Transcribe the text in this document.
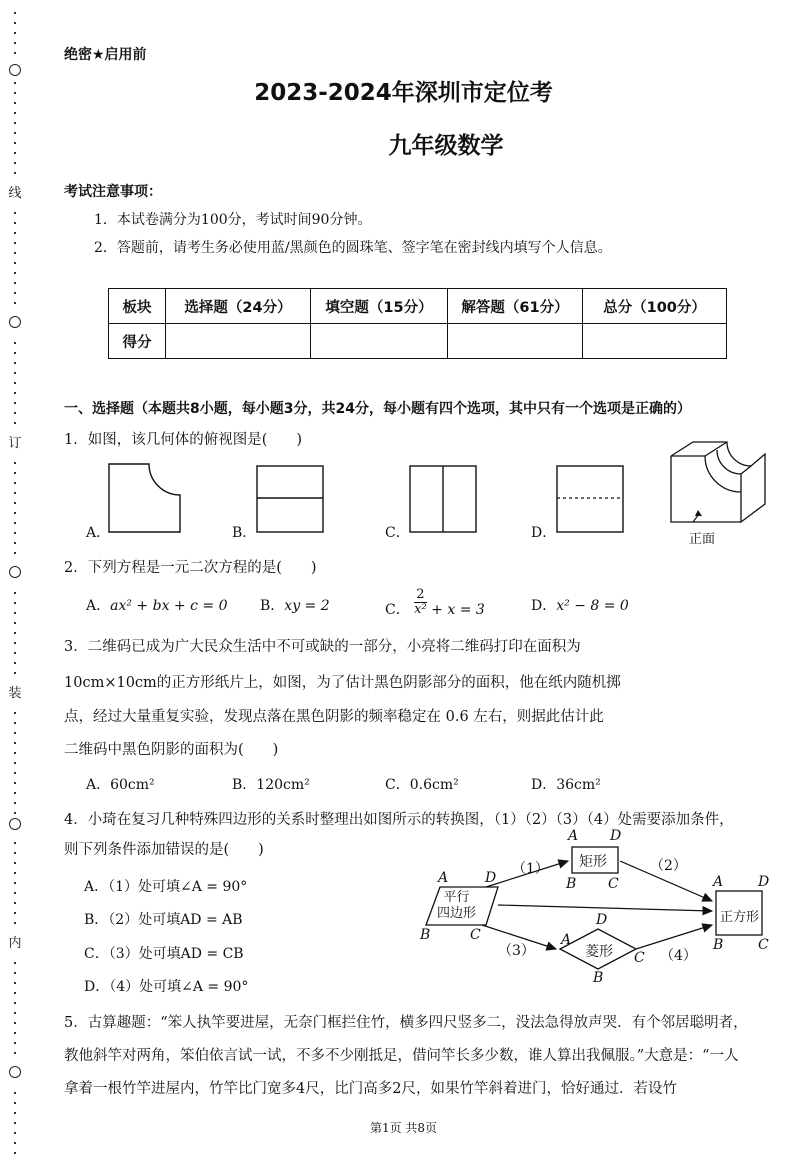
线
订
装
内
绝密★启用前
2023-2024年深圳市定位考
九年级数学
考试注意事项：
1．本试卷满分为100分，考试时间90分钟。
2．答题前，请考生务必使用蓝/黑颜色的圆珠笔、签字笔在密封线内填写个人信息。
板块	选择题（24分）	填空题（15分）	解答题（61分）	总分（100分）
得分				
一、选择题（本题共8小题，每小题3分，共24分，每小题有四个选项，其中只有一个选项是正确的）
1．如图，该几何体的俯视图是(　　)
A．	B．	C．	D．	正面
2．下列方程是一元二次方程的是(　　)
A．ax² + bx + c = 0 B．xy = 2	C． $\frac{2}{\text{x²}} + x = 3$	D．x² − 8 = 0
3．二维码已成为广大民众生活中不可或缺的一部分，小亮将二维码打印在面积为
10cm×10cm的正方形纸片上，如图，为了估计黑色阴影部分的面积，他在纸内随机掷
点，经过大量重复实验，发现点落在黑色阴影的频率稳定在 0.6 左右，则据此估计此
二维码中黑色阴影的面积为(　　)
A．60cm²	B．120cm²	C．0.6cm²	D．36cm²
4．小琦在复习几种特殊四边形的关系时整理出如图所示的转换图，（1）（2）（3）（4）处需要添加条件，
则下列条件添加错误的是(　　)
A．（1）处可填∠A = 90°
B．（2）处可填AD = AB
C．（3）处可填AD = CB
D．（4）处可填∠A = 90°
平行
四边形
矩形
正方形
菱形
（1）	（2）
（3）	（4）
A	D
B	C
A D
B C	A D
B C
D
A
C
B
5．古算趣题：“笨人执竿要进屋，无奈门框拦住竹，横多四尺竖多二，没法急得放声哭．有个邻居聪明者，
教他斜竿对两角，笨伯依言试一试，不多不少刚抵足，借问竿长多少数，谁人算出我佩服。”大意是：“一人
拿着一根竹竿进屋内，竹竿比门宽多4尺，比门高多2尺，如果竹竿斜着进门，恰好通过．若设竹
第1页 共8页
